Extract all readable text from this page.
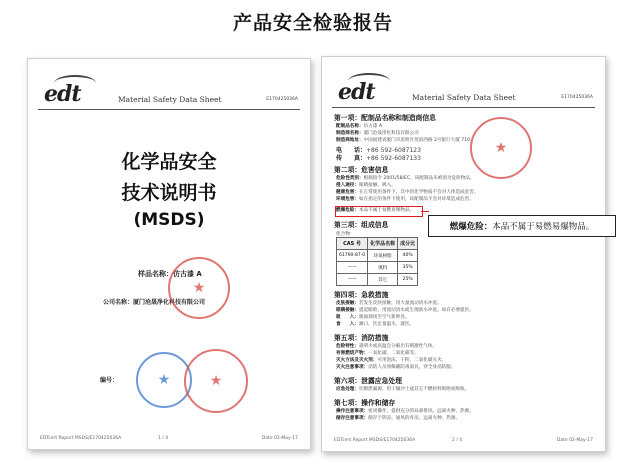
产品安全检验报告
edt	Material Safety Data Sheet	E170425036A
化学品安全
技术说明书
(MSDS)
样品名称：仿古漆 A
公司名称：厦门沧晟净化科技有限公司
编号：
★
★	★
EDTcert Report MSDS/E170425036A	1 / 4	Date 02-May-17
edt	Material Safety Data Sheet	E170425036A
第一项：配制品名称和制造商信息
配制品名称：仿古漆 A
制造商名称：厦门沧晟净化科技有限公司
制造商地址：中国福建省厦门市思明区莲前西路 2号银行大厦 710
电　　话：+86 592-6087123
传　　真：+86 592-6087133
第二项：危害信息
危险性类别：根据指令 2001/58/EC，该配制品未被划为危险物品。
侵入途径：眼睛接触、吸入。
健康危害：在正常使用条件下，其中的化学物质不会对人体造成危害。
环境危害：如在指定的条件下使用，该配制品不会对环境造成危害。
燃爆危险：本品不属于易燃易爆物品。
第三项：组成信息
化合物：
CAS 号	化学品名称	成分比
61790-87-0	环氧树脂	40%
——	填料	35%
——	其它	25%
第四项：急救措施
皮肤接触：若发生皮肤接触，用大量流动清水冲洗。
眼睛接触：提起眼睑，用流动清水或生理盐水冲洗。如有必要就医。
吸　　入：脱离现场至空气新鲜处。
食　　入：漱口，饮足量温水，就医。
第五项：消防措施
危险特性：遇明火或高温会分解出有刺激性气体。
有害燃烧产物：一氧化碳、二氧化碳等。
灭火方法及灭火剂：可用泡沫、干粉、二氧化碳灭火。
灭火注意事项：消防人员须佩戴防毒面具，穿全身消防服。
第六项：泄露应急处理
应急处理：切断泄漏源，用干燥沙土或其它不燃材料吸附或吸收。
第七项：操作和储存
操作注意事项：密闭操作，提供充分的局部排风。远离火种、热源。
储存注意事项：储存于阴凉、通风的库房。远离火种、热源。
★
EDTcert Report MSDS/E170425036A	2 / 4	Date 02-May-17
燃爆危险： 本品不属于易燃易爆物品。
